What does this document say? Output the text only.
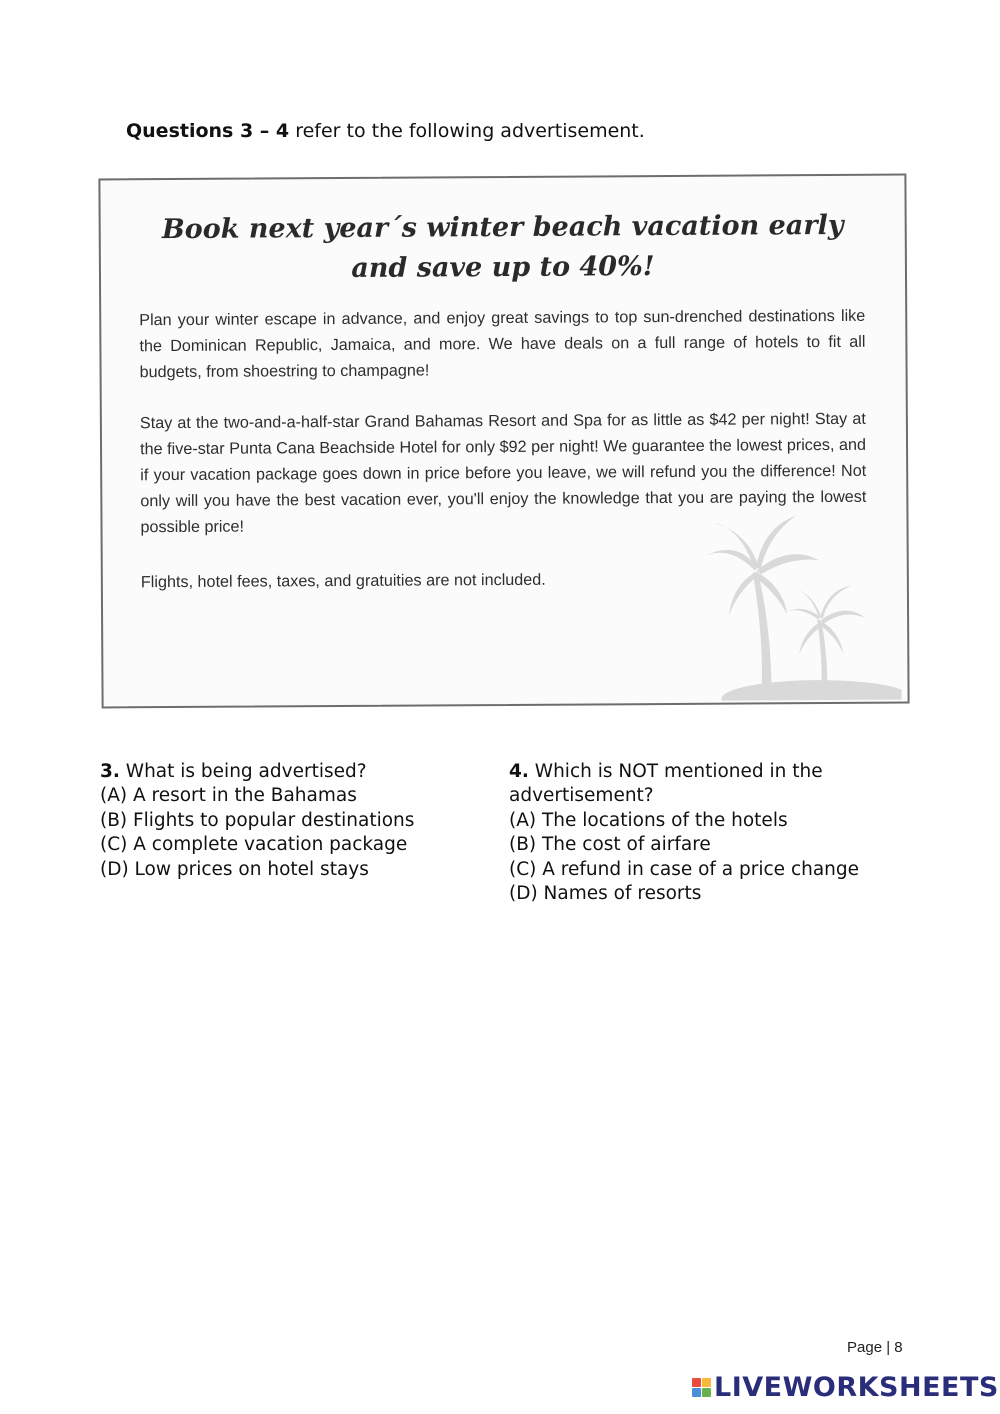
Questions 3 – 4 refer to the following advertisement.
Book next year´s winter beach vacation early
and save up to 40%!
Plan your winter escape in advance, and enjoy great savings to top sun-drenched destinations like the Dominican Republic, Jamaica, and more. We have deals on a full range of hotels to fit all budgets, from shoestring to champagne!
Stay at the two-and-a-half-star Grand Bahamas Resort and Spa for as little as $42 per night! Stay at the five-star Punta Cana Beachside Hotel for only $92 per night! We guarantee the lowest prices, and if your vacation package goes down in price before you leave, we will refund you the difference! Not only will you have the best vacation ever, you'll enjoy the knowledge that you are paying the lowest possible price!
Flights, hotel fees, taxes, and gratuities are not included.
3. What is being advertised?
(A) A resort in the Bahamas
(B) Flights to popular destinations
(C) A complete vacation package
(D) Low prices on hotel stays
4. Which is NOT mentioned in the
advertisement?
(A) The locations of the hotels
(B) The cost of airfare
(C) A refund in case of a price change
(D) Names of resorts
Page | 8
LIVEWORKSHEETS
